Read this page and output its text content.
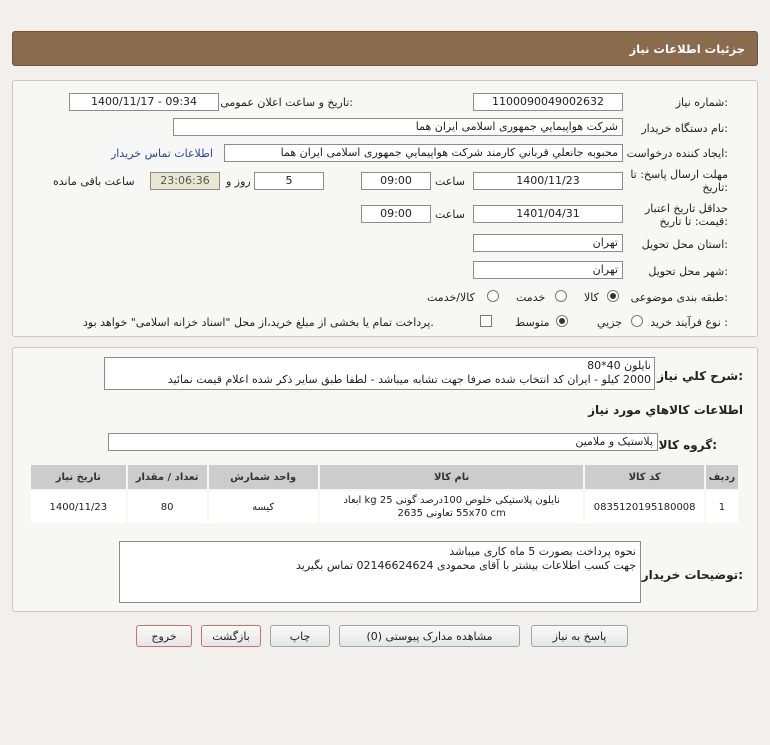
جزئيات اطلاعات نياز
شماره نياز:
1100090049002632
تاريخ و ساعت اعلان عمومی:
1400/11/17 - 09:34
نام دستگاه خريدار:
شرکت هواپيمايي جمهوری اسلامی ايران هما
ايجاد کننده درخواست:
محبوبه جانعلي قرباني کارمند شرکت هواپيمايي جمهوری اسلامی ايران هما
اطلاعات تماس خريدار
مهلت ارسال پاسخ: تا
تاريخ:
1400/11/23
ساعت
09:00
5
روز و
23:06:36
ساعت باقی مانده
حداقل تاريخ اعتبار
قيمت: تا تاريخ:
1401/04/31
ساعت
09:00
استان محل تحويل:
تهران
شهر محل تحويل:
تهران
طبقه بندی موضوعی:
کالا
خدمت
کالا/خدمت
نوع فرآيند خريد :
جزيي
متوسط
پرداخت تمام يا بخشی از مبلغ خريد،از محل "اسناد خزانه اسلامی" خواهد بود.
شرح کلي نياز:
نايلون 40*80
2000 کيلو - ايران کد انتخاب شده صرفا جهت تشابه ميباشد - لطفا طبق ساير ذکر شده اعلام قيمت نمائيد
اطلاعات کالاهاي مورد نياز
گروه کالا:
پلاستيک و ملامين
تاريخ نياز	تعداد / مقدار	واحد شمارش	نام کالا	کد کالا	رديف
1400/11/23	80	کيسه	نايلون پلاستيکی خلوص 100درصد گونی 25 kg ابعاد 55x70 cm تعاونی 2635	0835120195180008	1
توضيحات خريدار:
نحوه پرداخت بصورت 5 ماه کاری ميباشد
جهت کسب اطلاعات بيشتر با آقای محمودی 02146624624 تماس بگيريد
پاسخ به نياز
مشاهده مدارک پيوستی (0)
چاپ
بازگشت
خروج
